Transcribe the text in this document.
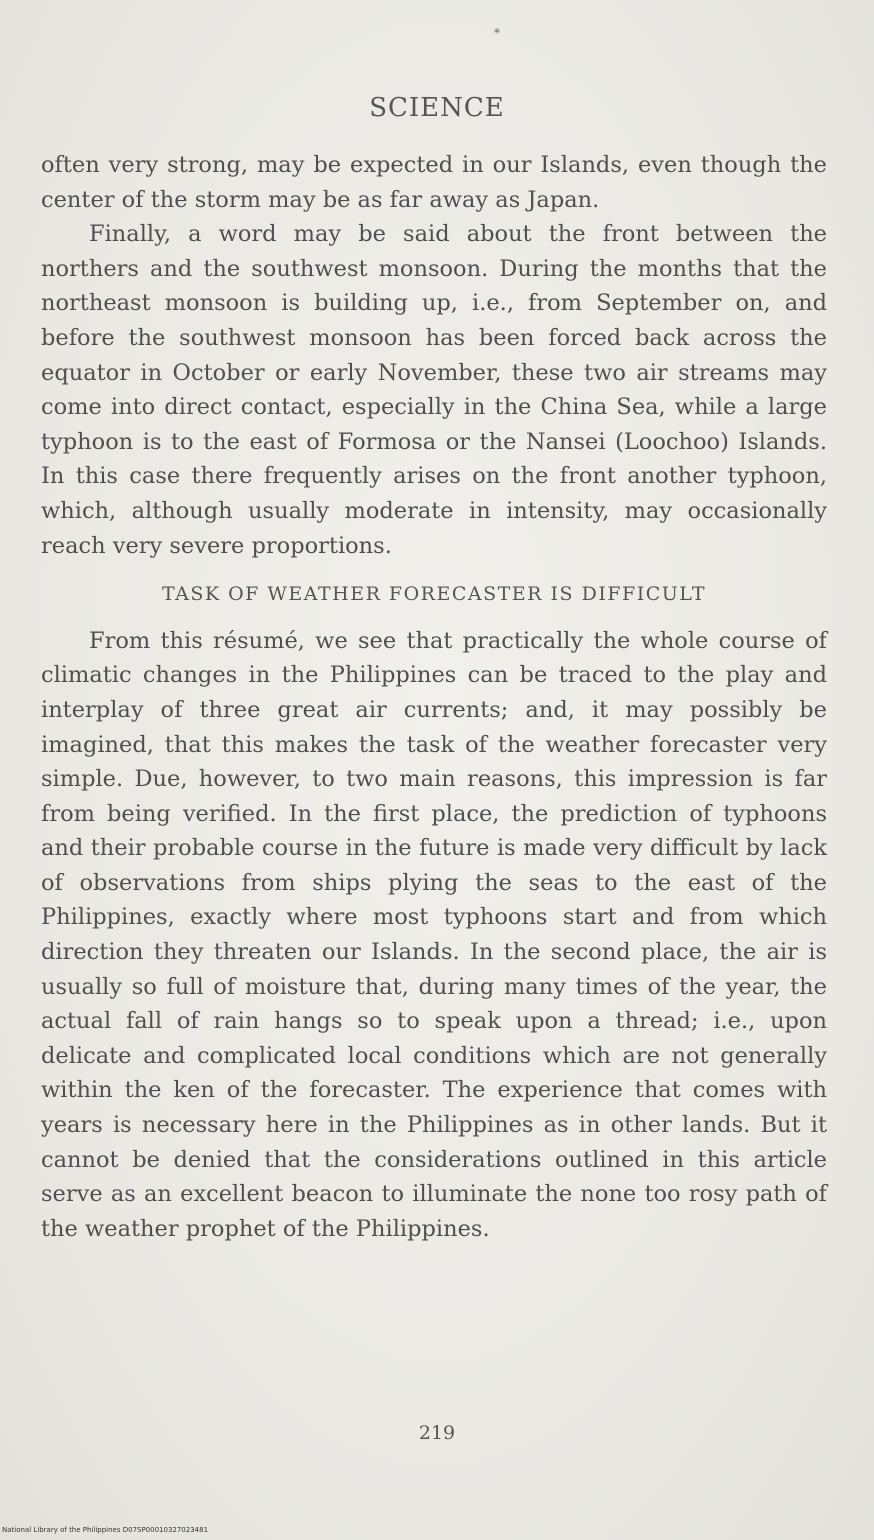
*
SCIENCE

often very strong, may be expected in our Islands, even though the center of the storm may be as far away as Japan.

Finally, a word may be said about the front between the northers and the southwest monsoon. During the months that the northeast monsoon is building up, i.e., from September on, and before the southwest monsoon has been forced back across the equator in October or early November, these two air streams may come into direct contact, especially in the China Sea, while a large typhoon is to the east of Formosa or the Nansei (Loochoo) Islands. In this case there frequently arises on the front another typhoon, which, although usually moderate in intensity, may occasionally reach very severe proportions.

TASK OF WEATHER FORECASTER IS DIFFICULT

From this résumé, we see that practically the whole course of climatic changes in the Philippines can be traced to the play and interplay of three great air currents; and, it may possibly be imagined, that this makes the task of the weather forecaster very simple. Due, however, to two main reasons, this impression is far from being verified. In the first place, the prediction of typhoons and their probable course in the future is made very difficult by lack of observations from ships plying the seas to the east of the Philippines, exactly where most typhoons start and from which direction they threaten our Islands. In the second place, the air is usually so full of moisture that, during many times of the year, the actual fall of rain hangs so to speak upon a thread; i.e., upon delicate and complicated local conditions which are not generally within the ken of the forecaster. The experience that comes with years is necessary here in the Philippines as in other lands. But it cannot be denied that the considerations outlined in this article serve as an excellent beacon to illuminate the none too rosy path of the weather prophet of the Philippines.

219
National Library of the Philippines D07SP00010327023481
